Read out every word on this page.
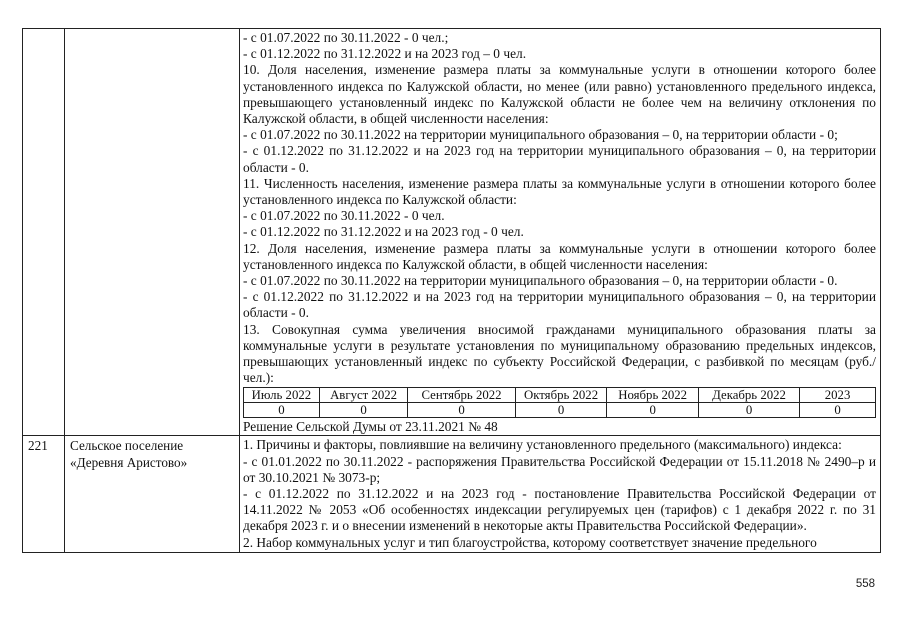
- с 01.07.2022 по 30.11.2022 - 0 чел.;

- с 01.12.2022 по 31.12.2022 и на 2023 год – 0 чел.

10. Доля населения, изменение размера платы за коммунальные услуги в отношении которого более установленного индекса по Калужской области, но менее (или равно) установленного предельного индекса, превышающего установленный индекс по Калужской области не более чем на величину отклонения по Калужской области, в общей численности населения:

- с 01.07.2022 по 30.11.2022 на территории муниципального образования – 0, на территории области - 0;

- с 01.12.2022 по 31.12.2022 и на 2023 год на территории муниципального образования – 0, на территории области - 0.

11. Численность населения, изменение размера платы за коммунальные услуги в отношении которого более установленного индекса по Калужской области:

- с 01.07.2022 по 30.11.2022 - 0 чел.

- с 01.12.2022 по 31.12.2022 и на 2023 год - 0 чел.

12. Доля населения, изменение размера платы за коммунальные услуги в отношении которого более установленного индекса по Калужской области, в общей численности населения:

- с 01.07.2022 по 30.11.2022 на территории муниципального образования – 0, на территории области - 0.

- с 01.12.2022 по 31.12.2022 и на 2023 год на территории муниципального образования – 0, на территории области - 0.

13. Совокупная сумма увеличения вносимой гражданами муниципального образования платы за коммунальные услуги в результате установления по муниципальному образованию предельных индексов, превышающих установленный индекс по субъекту Российской Федерации, с разбивкой по месяцам (руб./чел.):

Июль 2022	Август 2022	Сентябрь 2022	Октябрь 2022	Ноябрь 2022	Декабрь 2022	2023
0	0	0	0	0	0	0

Решение Сельской Думы от 23.11.2021 № 48

221	Сельское поселение «Деревня Аристово»	

1. Причины и факторы, повлиявшие на величину установленного предельного (максимального) индекса:

- с 01.01.2022 по 30.11.2022 - распоряжения Правительства Российской Федерации от 15.11.2018 № 2490–р и от 30.10.2021 № 3073-р;

- с 01.12.2022 по 31.12.2022 и на 2023 год - постановление Правительства Российской Федерации от 14.11.2022 № 2053 «Об особенностях индексации регулируемых цен (тарифов) с 1 декабря 2022 г. по 31 декабря 2023 г. и о внесении изменений в некоторые акты Правительства Российской Федерации».

2. Набор коммунальных услуг и тип благоустройства, которому соответствует значение предельного

558
